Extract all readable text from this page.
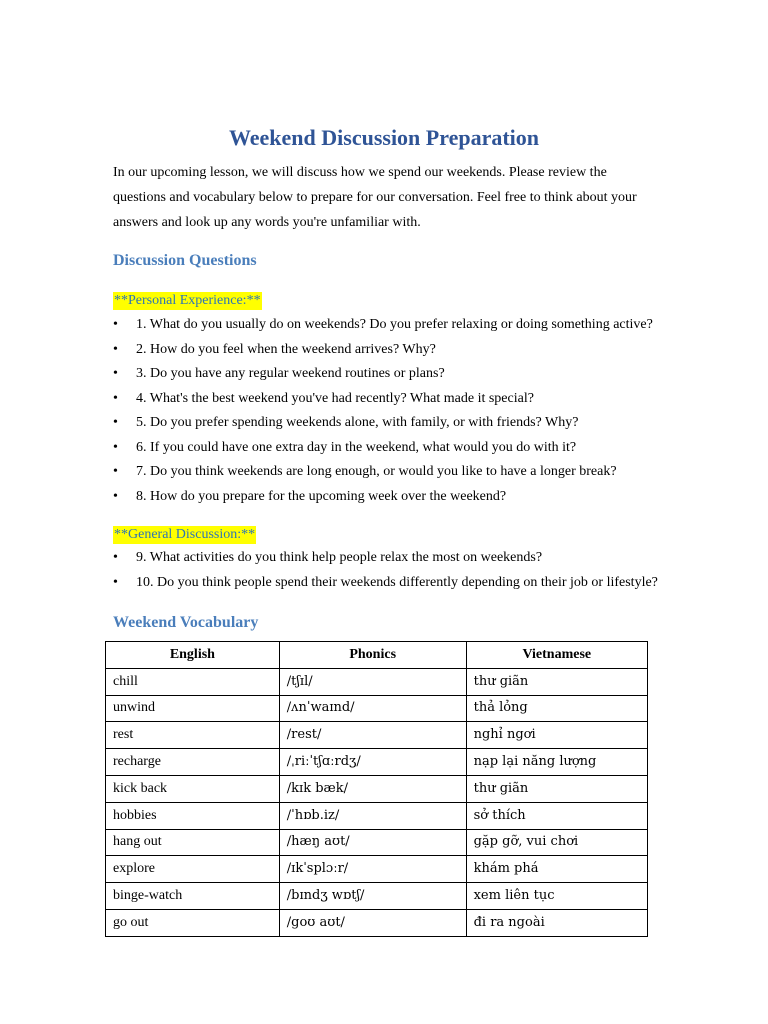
Weekend Discussion Preparation

In our upcoming lesson, we will discuss how we spend our weekends. Please review the questions and vocabulary below to prepare for our conversation. Feel free to think about your answers and look up any words you're unfamiliar with.

Discussion Questions
**Personal Experience:**
• 1. What do you usually do on weekends? Do you prefer relaxing or doing something active?
• 2. How do you feel when the weekend arrives? Why?
• 3. Do you have any regular weekend routines or plans?
• 4. What's the best weekend you've had recently? What made it special?
• 5. Do you prefer spending weekends alone, with family, or with friends? Why?
• 6. If you could have one extra day in the weekend, what would you do with it?
• 7. Do you think weekends are long enough, or would you like to have a longer break?
• 8. How do you prepare for the upcoming week over the weekend?
**General Discussion:**
• 9. What activities do you think help people relax the most on weekends?
• 10. Do you think people spend their weekends differently depending on their job or lifestyle?
Weekend Vocabulary
English	Phonics	Vietnamese
chill	/tʃɪl/	thư giãn
unwind	/ʌnˈwaɪnd/	thả lỏng
rest	/rest/	nghỉ ngơi
recharge	/ˌriːˈtʃɑːrdʒ/	nạp lại năng lượng
kick back	/kɪk bæk/	thư giãn
hobbies	/ˈhɒb.iz/	sở thích
hang out	/hæŋ aʊt/	gặp gỡ, vui chơi
explore	/ɪkˈsplɔːr/	khám phá
binge-watch	/bɪndʒ wɒtʃ/	xem liên tục
go out	/goʊ aʊt/	đi ra ngoài
